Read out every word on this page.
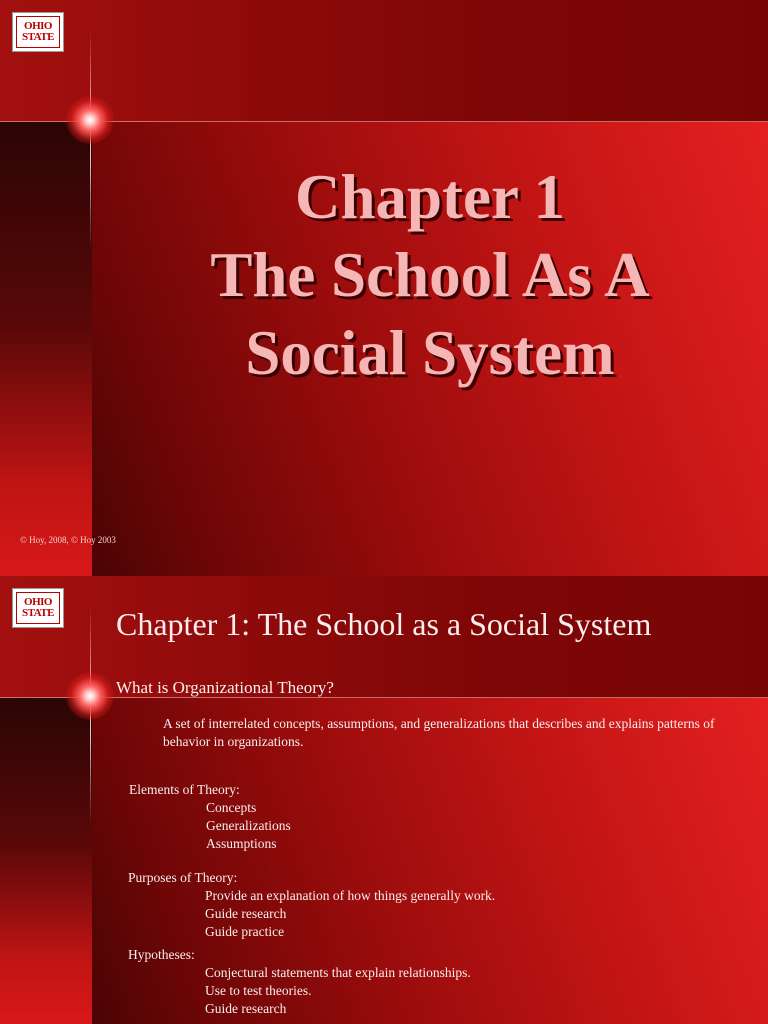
OHIO
STATE
Chapter 1
The School As A
Social System
© Hoy, 2008, © Hoy 2003
OHIO
STATE Chapter 1: The School as a Social System
What is Organizational Theory?
A set of interrelated concepts, assumptions, and generalizations that describes and explains patterns of behavior in organizations.
Elements of Theory:
Concepts
Generalizations
Assumptions
Purposes of Theory:
Provide an explanation of how things generally work.
Guide research
Guide practice
Hypotheses:
Conjectural statements that explain relationships.
Use to test theories.
Guide research
